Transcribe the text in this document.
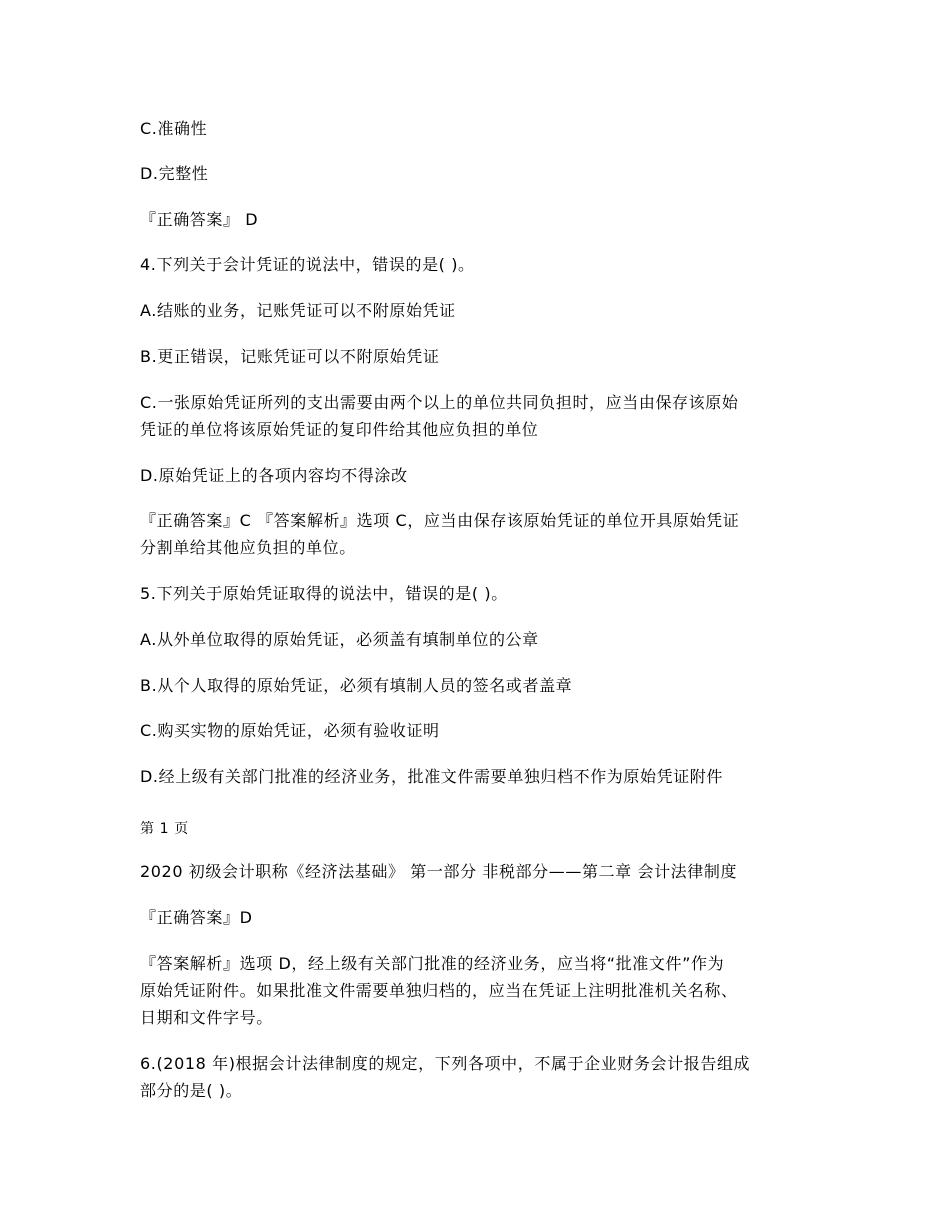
C.准确性
D.完整性
『正确答案』 D
4.下列关于会计凭证的说法中，错误的是( )。
A.结账的业务，记账凭证可以不附原始凭证
B.更正错误，记账凭证可以不附原始凭证
C.一张原始凭证所列的支出需要由两个以上的单位共同负担时，应当由保存该原始
凭证的单位将该原始凭证的复印件给其他应负担的单位
D.原始凭证上的各项内容均不得涂改
『正确答案』C 『答案解析』选项 C，应当由保存该原始凭证的单位开具原始凭证
分割单给其他应负担的单位。
5.下列关于原始凭证取得的说法中，错误的是( )。
A.从外单位取得的原始凭证，必须盖有填制单位的公章
B.从个人取得的原始凭证，必须有填制人员的签名或者盖章
C.购买实物的原始凭证，必须有验收证明
D.经上级有关部门批准的经济业务，批准文件需要单独归档不作为原始凭证附件
第 1 页
2020 初级会计职称《经济法基础》 第一部分 非税部分——第二章 会计法律制度
『正确答案』D
『答案解析』选项 D，经上级有关部门批准的经济业务，应当将“批准文件”作为
原始凭证附件。如果批准文件需要单独归档的，应当在凭证上注明批准机关名称、
日期和文件字号。
6.(2018 年)根据会计法律制度的规定，下列各项中，不属于企业财务会计报告组成
部分的是( )。
